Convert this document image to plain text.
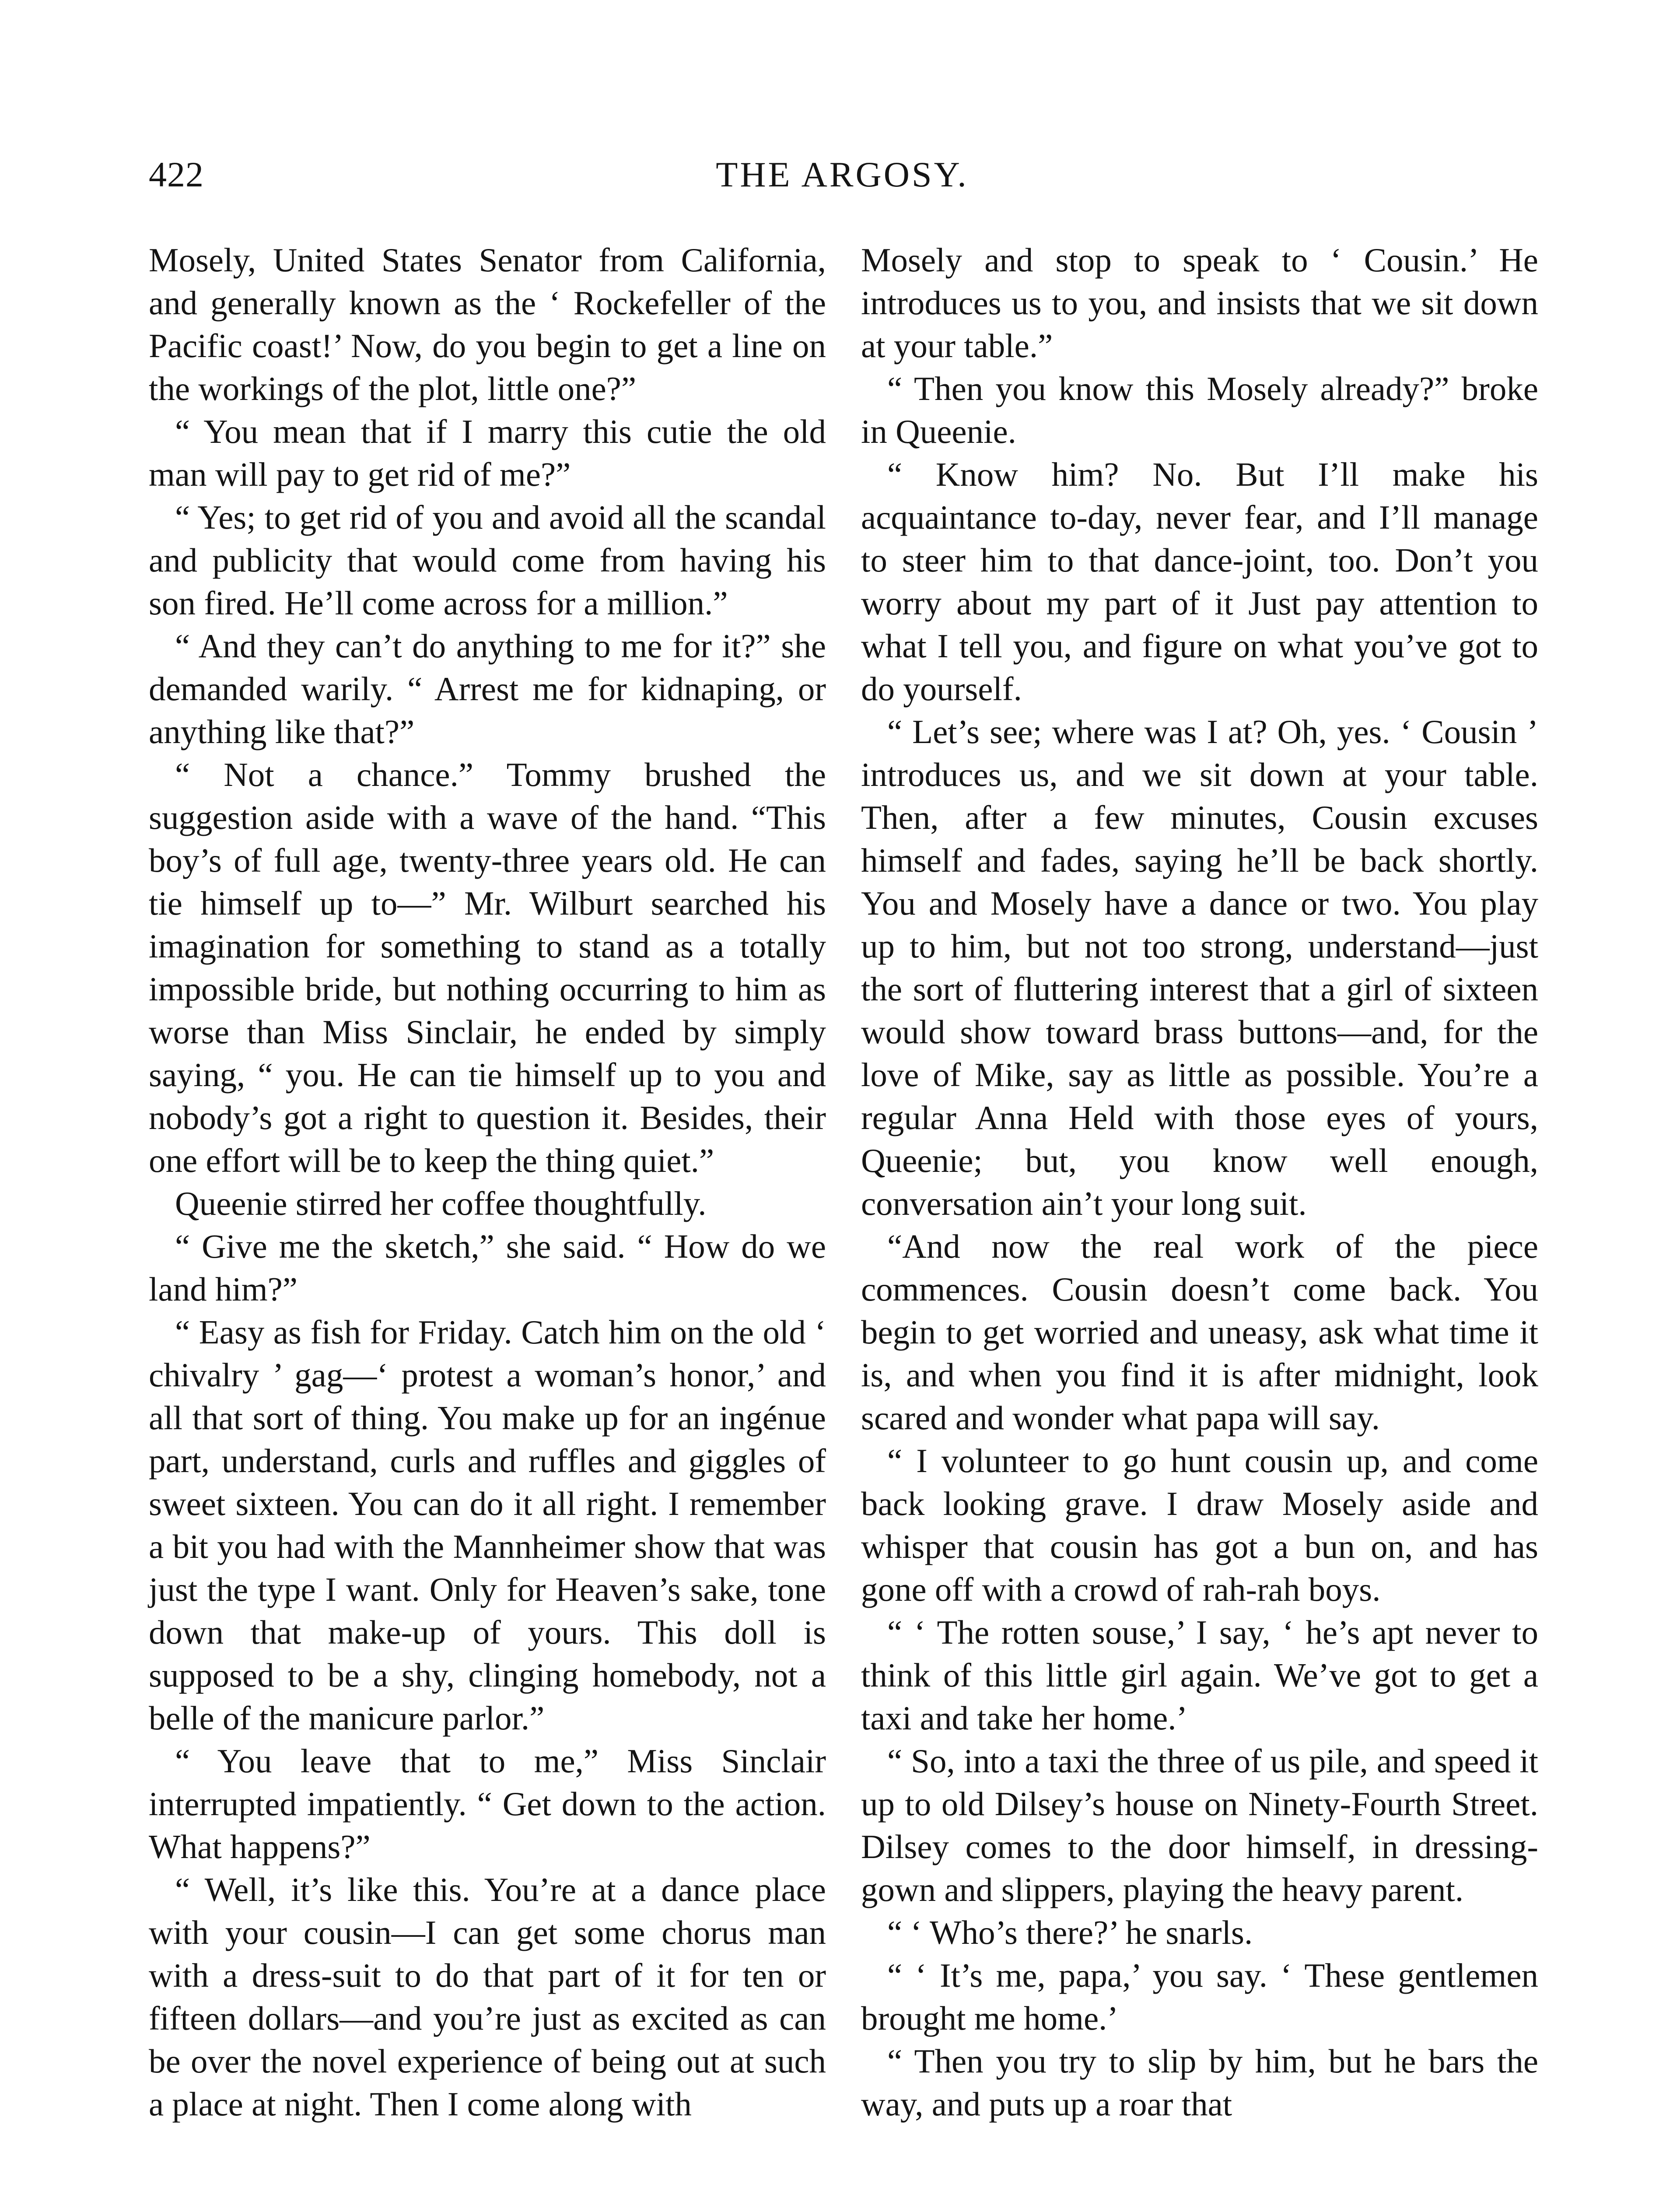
422	THE ARGOSY.

Mosely, United States Senator from California, and generally known as the ‘ Rockefeller of the Pacific coast!’ Now, do you begin to get a line on the workings of the plot, little one?”

“ You mean that if I marry this cutie the old man will pay to get rid of me?”

“ Yes; to get rid of you and avoid all the scandal and publicity that would come from having his son fired. He’ll come across for a million.”

“ And they can’t do anything to me for it?” she demanded warily. “ Arrest me for kidnaping, or anything like that?”

“ Not a chance.” Tommy brushed the suggestion aside with a wave of the hand. “This boy’s of full age, twenty-three years old. He can tie himself up to—” Mr. Wilburt searched his imagination for something to stand as a totally impossible bride, but nothing occurring to him as worse than Miss Sinclair, he ended by simply saying, “ you. He can tie himself up to you and nobody’s got a right to question it. Besides, their one effort will be to keep the thing quiet.”

Queenie stirred her coffee thoughtfully.

“ Give me the sketch,” she said. “ How do we land him?”

“ Easy as fish for Friday. Catch him on the old ‘ chivalry ’ gag—‘ protest a woman’s honor,’ and all that sort of thing. You make up for an ingénue part, understand, curls and ruffles and giggles of sweet sixteen. You can do it all right. I remember a bit you had with the Mannheimer show that was just the type I want. Only for Heaven’s sake, tone down that make-up of yours. This doll is supposed to be a shy, clinging homebody, not a belle of the manicure parlor.”

“ You leave that to me,” Miss Sinclair interrupted impatiently. “ Get down to the action. What happens?”

“ Well, it’s like this. You’re at a dance place with your cousin—I can get some chorus man with a dress-suit to do that part of it for ten or fifteen dollars—and you’re just as excited as can be over the novel experience of being out at such a place at night. Then I come along with

Mosely and stop to speak to ‘ Cousin.’ He introduces us to you, and insists that we sit down at your table.”

“ Then you know this Mosely already?” broke in Queenie.

“ Know him? No. But I’ll make his acquaintance to-day, never fear, and I’ll manage to steer him to that dance-joint, too. Don’t you worry about my part of it Just pay attention to what I tell you, and figure on what you’ve got to do yourself.

“ Let’s see; where was I at? Oh, yes. ‘ Cousin ’ introduces us, and we sit down at your table. Then, after a few minutes, Cousin excuses himself and fades, saying he’ll be back shortly. You and Mosely have a dance or two. You play up to him, but not too strong, understand—just the sort of fluttering interest that a girl of sixteen would show toward brass buttons—and, for the love of Mike, say as little as possible. You’re a regular Anna Held with those eyes of yours, Queenie; but, you know well enough, conversation ain’t your long suit.

“And now the real work of the piece commences. Cousin doesn’t come back. You begin to get worried and uneasy, ask what time it is, and when you find it is after midnight, look scared and wonder what papa will say.

“ I volunteer to go hunt cousin up, and come back looking grave. I draw Mosely aside and whisper that cousin has got a bun on, and has gone off with a crowd of rah-rah boys.

“ ‘ The rotten souse,’ I say, ‘ he’s apt never to think of this little girl again. We’ve got to get a taxi and take her home.’

“ So, into a taxi the three of us pile, and speed it up to old Dilsey’s house on Ninety-Fourth Street. Dilsey comes to the door himself, in dressing-gown and slippers, playing the heavy parent.

“ ‘ Who’s there?’ he snarls.

“ ‘ It’s me, papa,’ you say. ‘ These gentlemen brought me home.’

“ Then you try to slip by him, but he bars the way, and puts up a roar that
